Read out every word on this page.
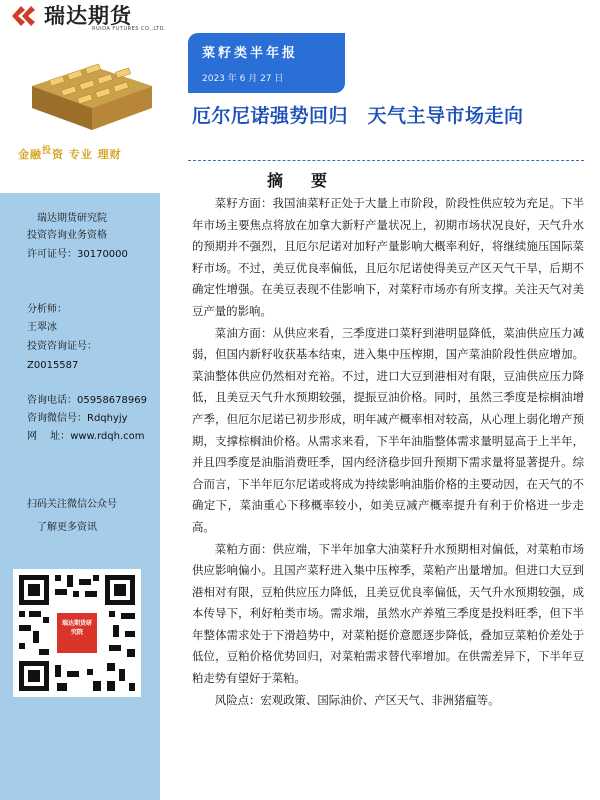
瑞达期货
RUIDA FUTURES CO.,LTD.
金融$^投$资 专业 理财
菜籽类半年报
2023 年 6 月 27 日
厄尔尼诺强势回归　天气主导市场走向
摘　要
瑞达期货研究院
投资咨询业务资格
许可证号：30170000
分析师：
王翠冰
投资咨询证号：
Z0015587
咨询电话：05958678969
咨询微信号：Rdqhyjy
网　 址：www.rdqh.com
扫码关注微信公众号
了解更多资讯
瑞达期货研究院

菜籽方面：我国油菜籽正处于大量上市阶段，阶段性供应较为充足。下半年市场主要焦点将放在加拿大新籽产量状况上，初期市场状况良好，天气升水的预期并不强烈，且厄尔尼诺对加籽产量影响大概率利好，将继续施压国际菜籽市场。不过，美豆优良率偏低，且厄尔尼诺使得美豆产区天气干旱，后期不确定性增强。在美豆表现不佳影响下，对菜籽市场亦有所支撑。关注天气对美豆产量的影响。

菜油方面：从供应来看，三季度进口菜籽到港明显降低，菜油供应压力减弱，但国内新籽收获基本结束，进入集中压榨期，国产菜油阶段性供应增加。菜油整体供应仍然相对充裕。不过，进口大豆到港相对有限，豆油供应压力降低，且美豆天气升水预期较强，提振豆油价格。同时，虽然三季度是棕榈油增产季，但厄尔尼诺已初步形成，明年减产概率相对较高，从心理上弱化增产预期，支撑棕榈油价格。从需求来看，下半年油脂整体需求量明显高于上半年，并且四季度是油脂消费旺季，国内经济稳步回升预期下需求量将显著提升。综合而言，下半年厄尔尼诺或将成为持续影响油脂价格的主要动因，在天气的不确定下，菜油重心下移概率较小，如美豆减产概率提升有利于价格进一步走高。

菜粕方面：供应端，下半年加拿大油菜籽升水预期相对偏低，对菜粕市场供应影响偏小。且国产菜籽进入集中压榨季，菜粕产出量增加。但进口大豆到港相对有限，豆粕供应压力降低，且美豆优良率偏低，天气升水预期较强，成本传导下，利好粕类市场。需求端，虽然水产养殖三季度是投料旺季，但下半年整体需求处于下滑趋势中，对菜粕挺价意愿逐步降低，叠加豆菜粕价差处于低位，豆粕价格优势回归，对菜粕需求替代率增加。在供需差异下，下半年豆粕走势有望好于菜粕。

风险点：宏观政策、国际油价、产区天气、非洲猪瘟等。
